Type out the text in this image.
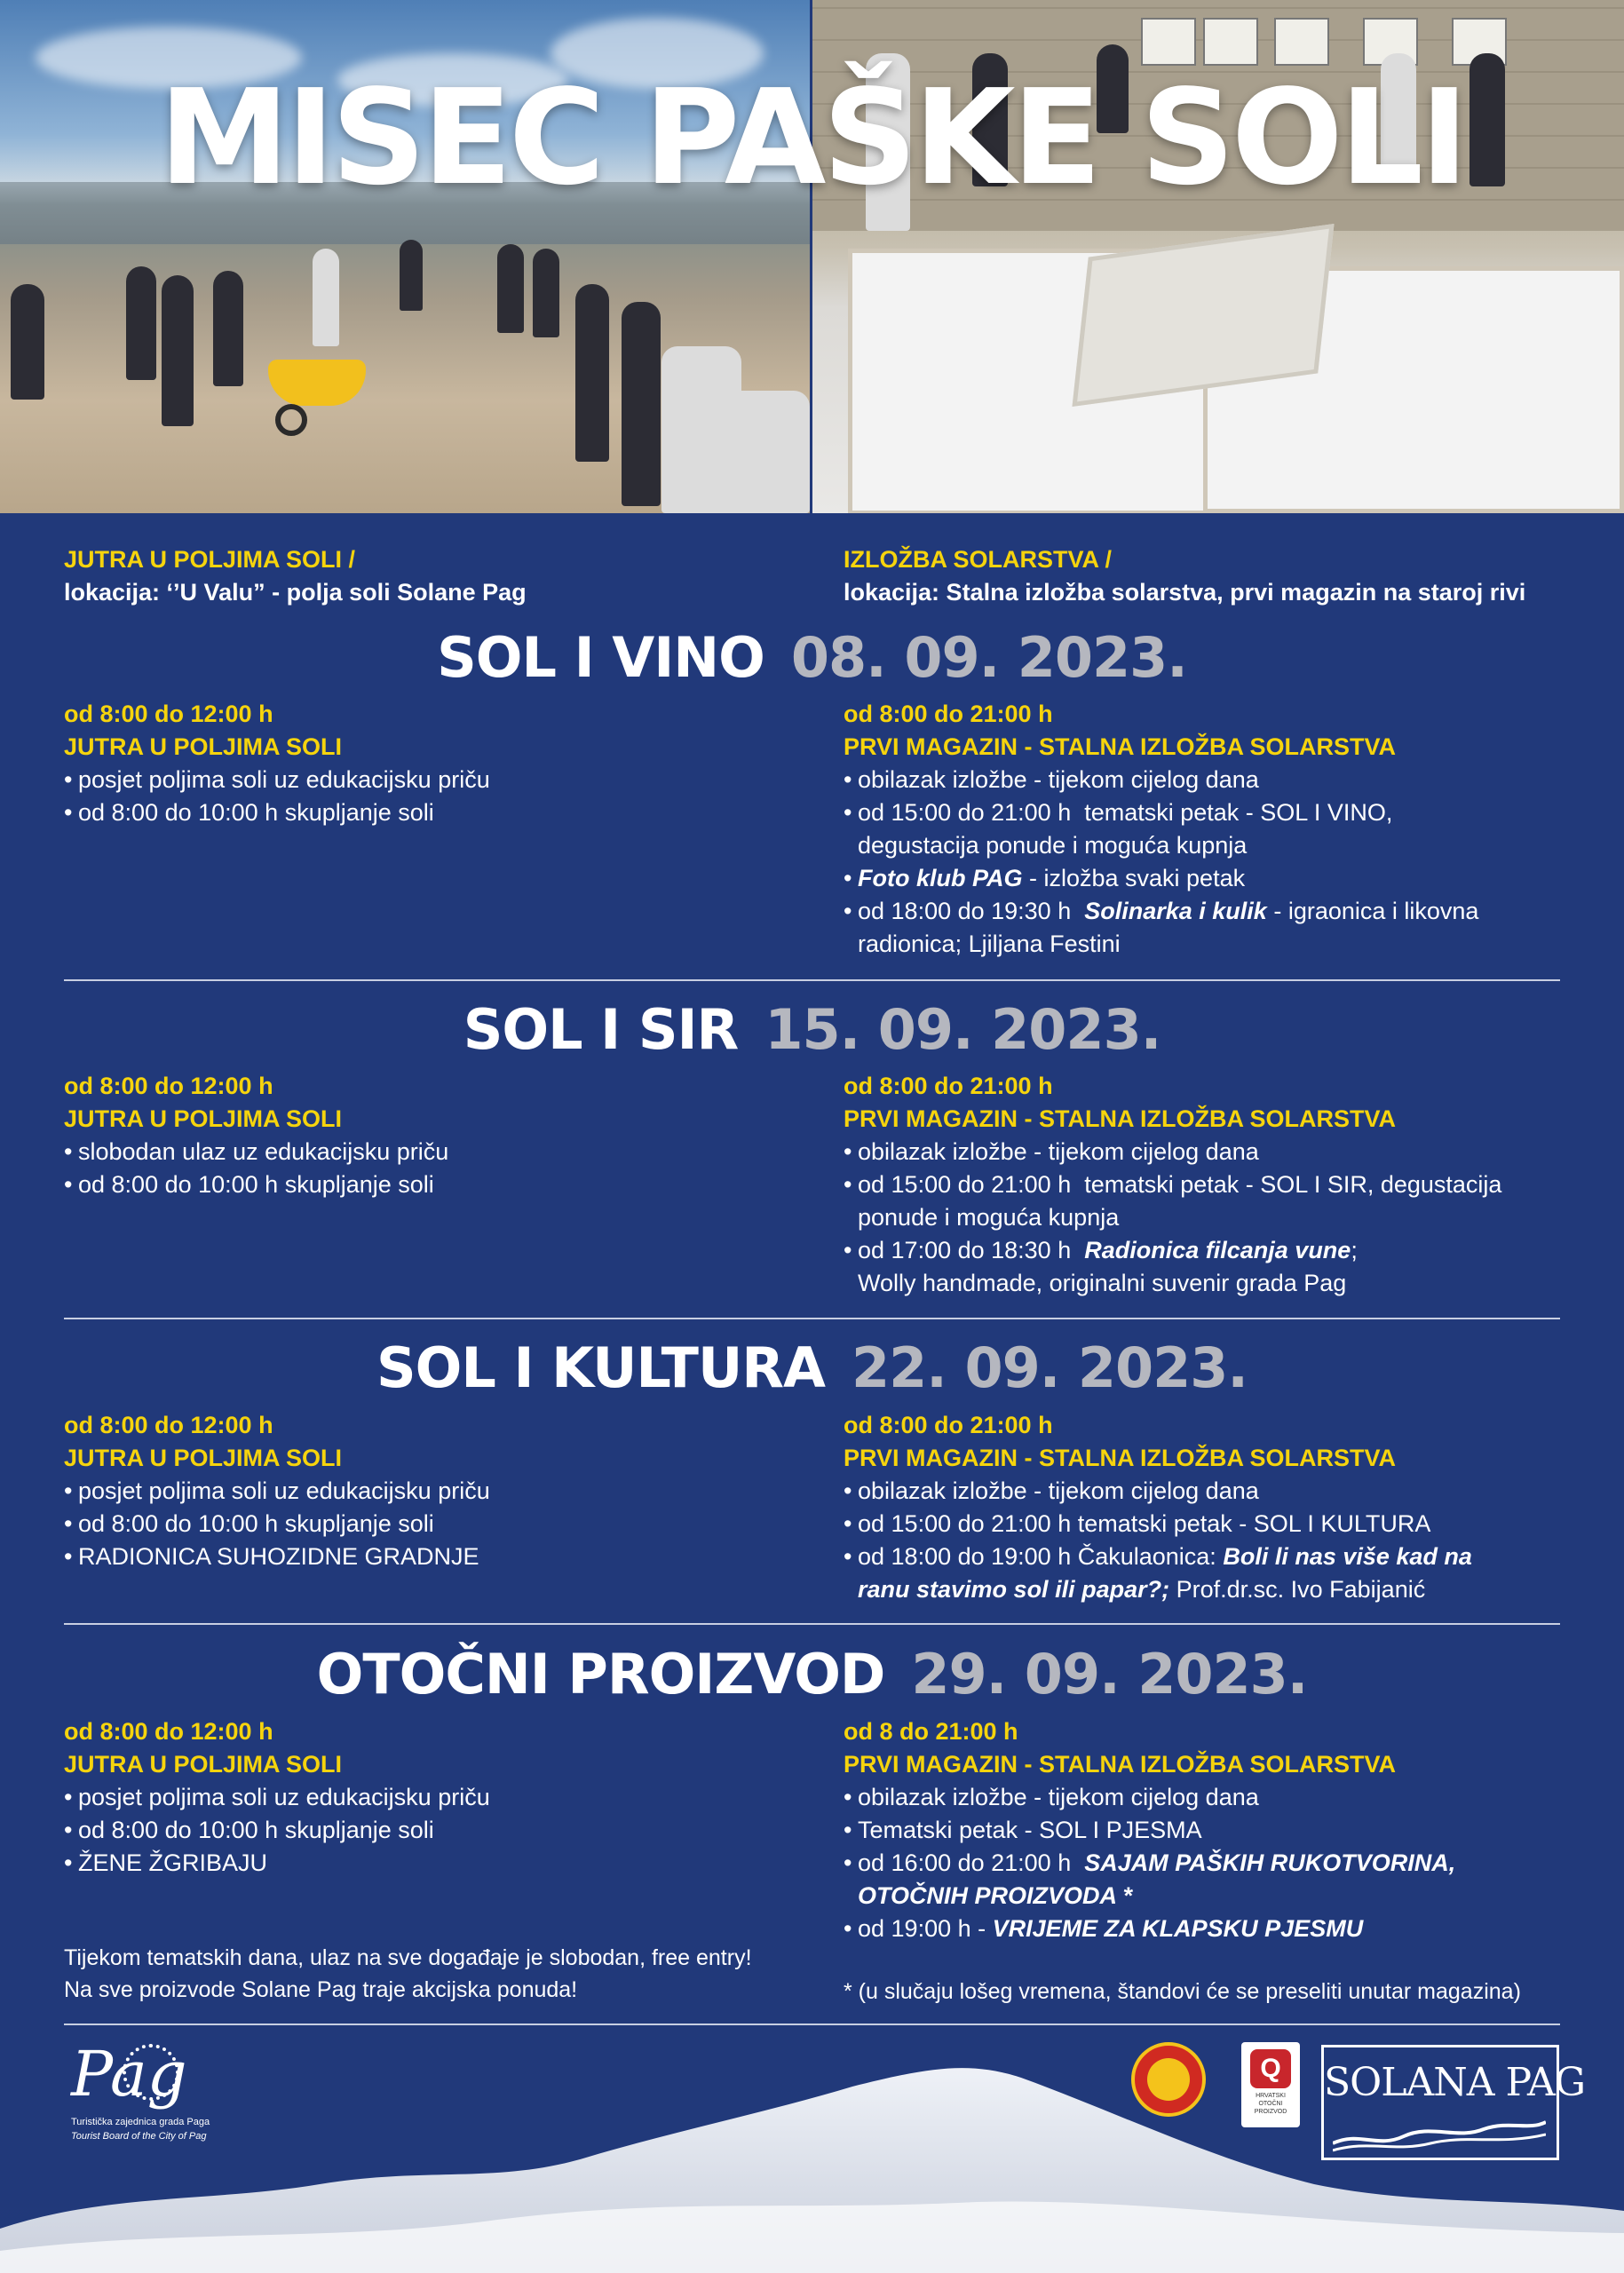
MISEC PAŠKE SOLI
JUTRA U POLJIMA SOLI /
lokacija: ‘’U Valu” - polja soli Solane Pag
IZLOŽBA SOLARSTVA /
lokacija: Stalna izložba solarstva, prvi magazin na staroj rivi
SOL I VINO 08. 09. 2023.
od 8:00 do 12:00 h
JUTRA U POLJIMA SOLI
• posjet poljima soli uz edukacijsku priču
• od 8:00 do 10:00 h skupljanje soli
od 8:00 do 21:00 h
PRVI MAGAZIN - STALNA IZLOŽBA SOLARSTVA
• obilazak izložbe - tijekom cijelog dana
• od 15:00 do 21:00 h  tematski petak - SOL I VINO,
degustacija ponude i moguća kupnja
• Foto klub PAG - izložba svaki petak
• od 18:00 do 19:30 h  Solinarka i kulik - igraonica i likovna
radionica; Ljiljana Festini
SOL I SIR 15. 09. 2023.
od 8:00 do 12:00 h
JUTRA U POLJIMA SOLI
• slobodan ulaz uz edukacijsku priču
• od 8:00 do 10:00 h skupljanje soli
od 8:00 do 21:00 h
PRVI MAGAZIN - STALNA IZLOŽBA SOLARSTVA
• obilazak izložbe - tijekom cijelog dana
• od 15:00 do 21:00 h  tematski petak - SOL I SIR, degustacija
ponude i moguća kupnja
• od 17:00 do 18:30 h  Radionica filcanja vune;
Wolly handmade, originalni suvenir grada Pag
SOL I KULTURA 22. 09. 2023.
od 8:00 do 12:00 h
JUTRA U POLJIMA SOLI
• posjet poljima soli uz edukacijsku priču
• od 8:00 do 10:00 h skupljanje soli
• RADIONICA SUHOZIDNE GRADNJE
od 8:00 do 21:00 h
PRVI MAGAZIN - STALNA IZLOŽBA SOLARSTVA
• obilazak izložbe - tijekom cijelog dana
• od 15:00 do 21:00 h tematski petak - SOL I KULTURA
• od 18:00 do 19:00 h Čakulaonica: Boli li nas više kad na
ranu stavimo sol ili papar?; Prof.dr.sc. Ivo Fabijanić
OTOČNI PROIZVOD 29. 09. 2023.
od 8:00 do 12:00 h
JUTRA U POLJIMA SOLI
• posjet poljima soli uz edukacijsku priču
• od 8:00 do 10:00 h skupljanje soli
• ŽENE ŽGRIBAJU
od 8 do 21:00 h
PRVI MAGAZIN - STALNA IZLOŽBA SOLARSTVA
• obilazak izložbe - tijekom cijelog dana
• Tematski petak - SOL I PJESMA
• od 16:00 do 21:00 h  SAJAM PAŠKIH RUKOTVORINA,
OTOČNIH PROIZVODA *
• od 19:00 h - VRIJEME ZA KLAPSKU PJESMU
Tijekom tematskih dana, ulaz na sve događaje je slobodan, free entry!
Na sve proizvode Solane Pag traje akcijska ponuda!	* (u slučaju lošeg vremena, štandovi će se preseliti unutar magazina)
Pag
Turistička zajednica grada Paga
Tourist Board of the City of Pag
Q
HRVATSKI OTOČNI PROIZVOD
SOLANA PAG
